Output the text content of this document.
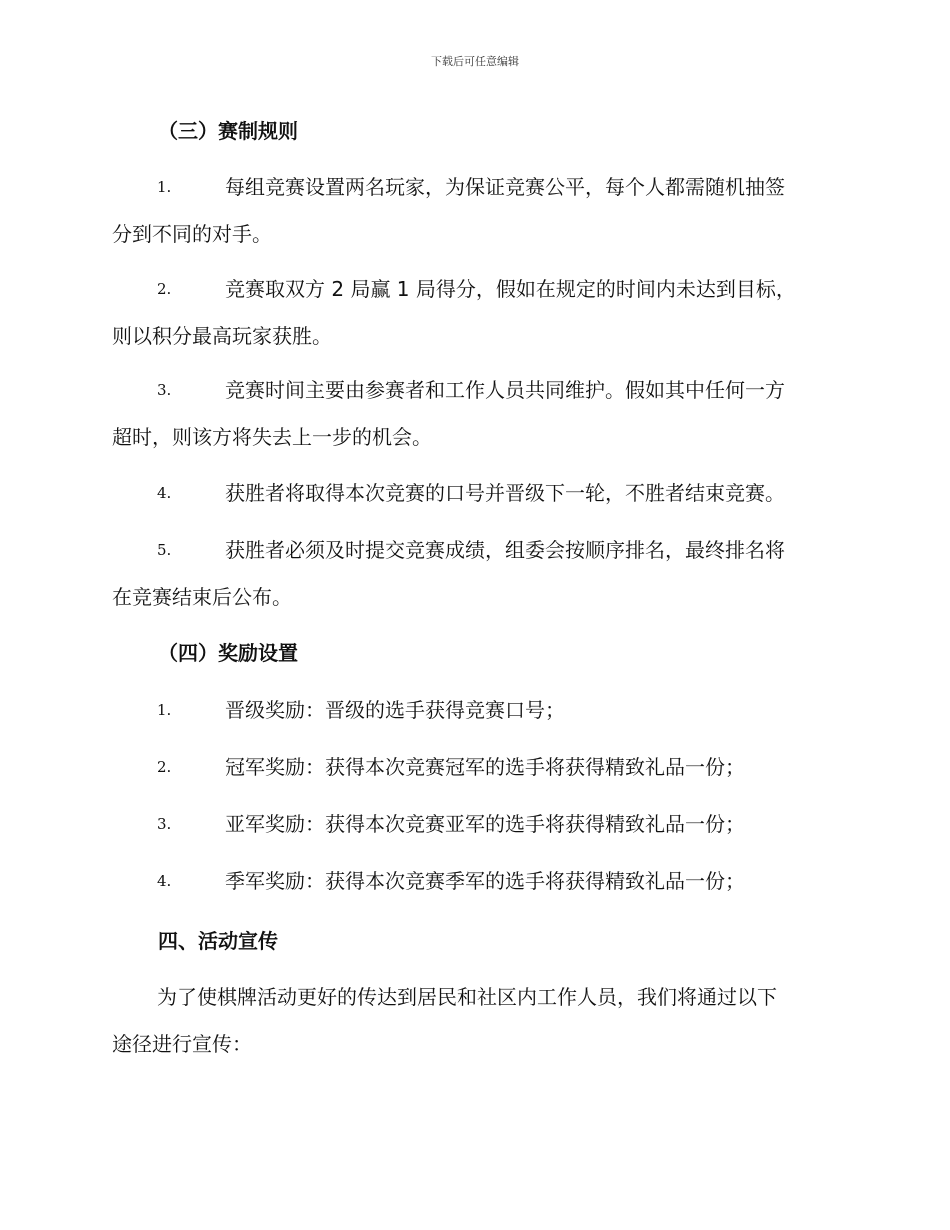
下载后可任意编辑
（三）赛制规则
1.	每组竞赛设置两名玩家，为保证竞赛公平，每个人都需随机抽签
分到不同的对手。
2.	竞赛取双方 2 局赢 1 局得分，假如在规定的时间内未达到目标，
则以积分最高玩家获胜。
3.	竞赛时间主要由参赛者和工作人员共同维护。假如其中任何一方
超时，则该方将失去上一步的机会。
4.	获胜者将取得本次竞赛的口号并晋级下一轮，不胜者结束竞赛。
5.	获胜者必须及时提交竞赛成绩，组委会按顺序排名，最终排名将
在竞赛结束后公布。
（四）奖励设置
1.	晋级奖励：晋级的选手获得竞赛口号；
2.	冠军奖励：获得本次竞赛冠军的选手将获得精致礼品一份；
3.	亚军奖励：获得本次竞赛亚军的选手将获得精致礼品一份；
4.	季军奖励：获得本次竞赛季军的选手将获得精致礼品一份；
四、活动宣传
为了使棋牌活动更好的传达到居民和社区内工作人员，我们将通过以下
途径进行宣传：
